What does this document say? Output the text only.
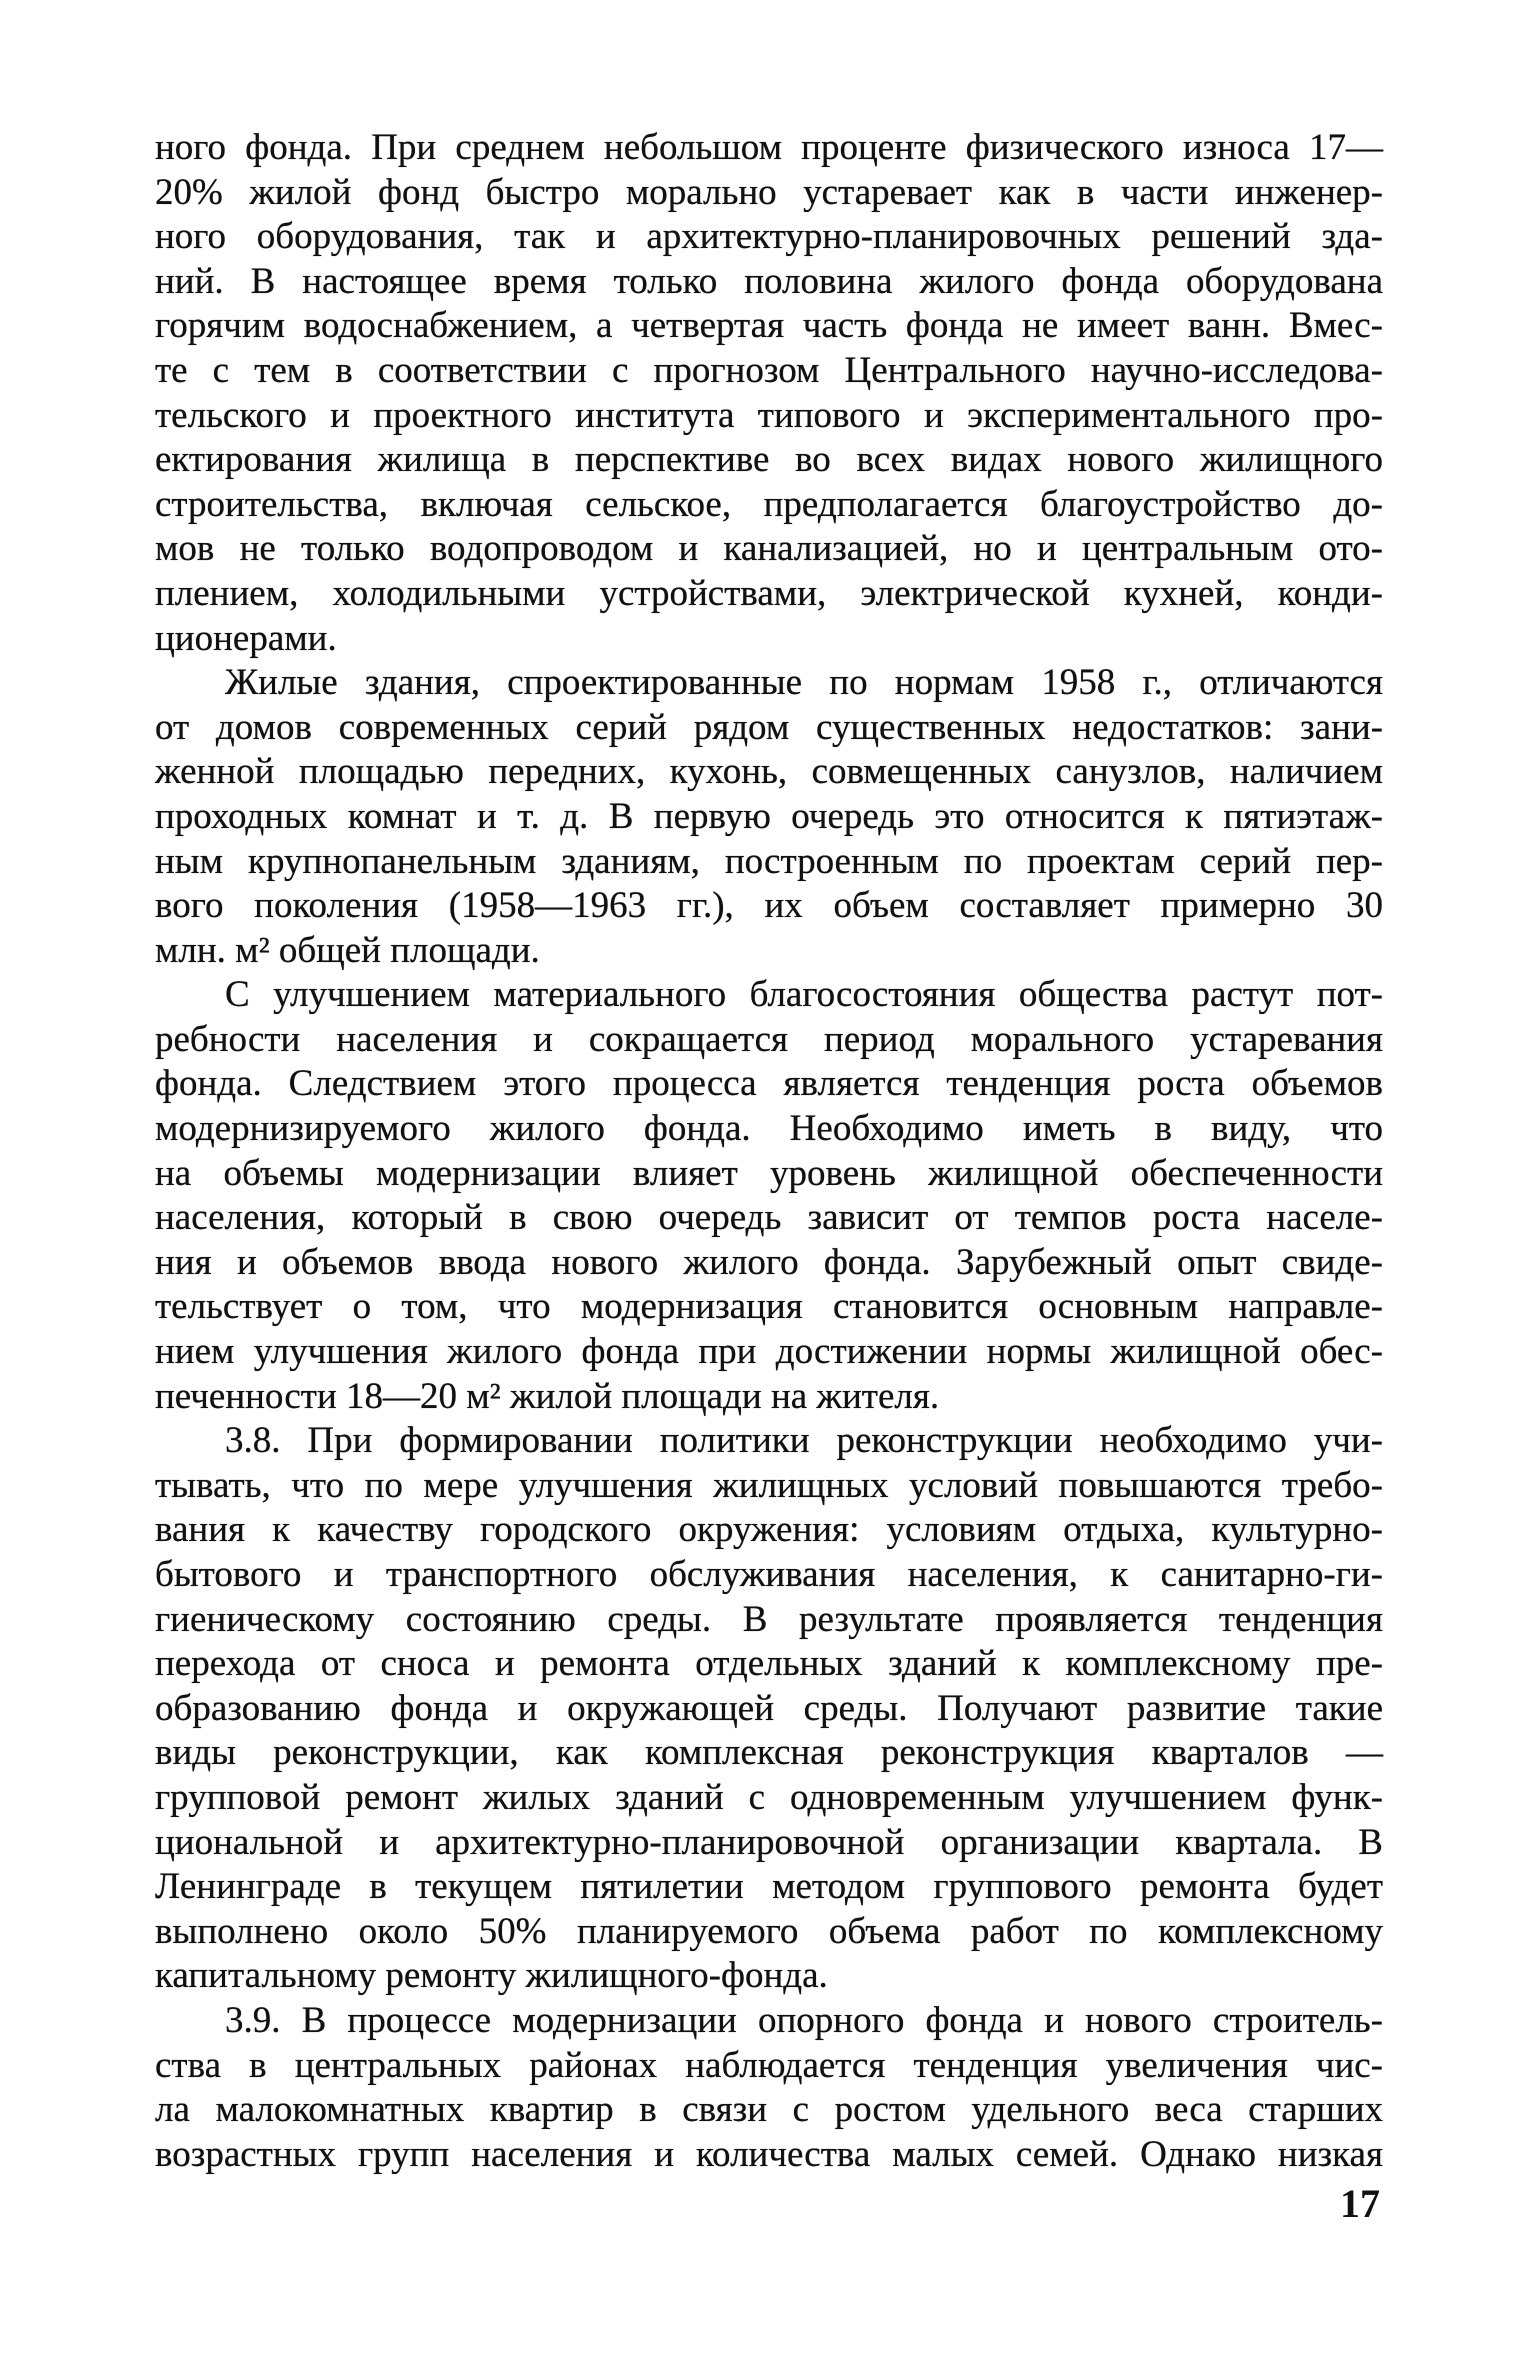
ного фонда. При среднем небольшом проценте физического износа 17—
20% жилой фонд быстро морально устаревает как в части инженер-
ного оборудования, так и архитектурно-планировочных решений зда-
ний. В настоящее время только половина жилого фонда оборудована
горячим водоснабжением, а четвертая часть фонда не имеет ванн. Вмес-
те с тем в соответствии с прогнозом Центрального научно-исследова-
тельского и проектного института типового и экспериментального про-
ектирования жилища в перспективе во всех видах нового жилищного
строительства, включая сельское, предполагается благоустройство до-
мов не только водопроводом и канализацией, но и центральным ото-
плением, холодильными устройствами, электрической кухней, конди-
ционерами.
Жилые здания, спроектированные по нормам 1958 г., отличаются
от домов современных серий рядом существенных недостатков: зани-
женной площадью передних, кухонь, совмещенных санузлов, наличием
проходных комнат и т. д. В первую очередь это относится к пятиэтаж-
ным крупнопанельным зданиям, построенным по проектам серий пер-
вого поколения (1958—1963 гг.), их объем составляет примерно 30
млн. м² общей площади.
С улучшением материального благосостояния общества растут пот-
ребности населения и сокращается период морального устаревания
фонда. Следствием этого процесса является тенденция роста объемов
модернизируемого жилого фонда. Необходимо иметь в виду, что
на объемы модернизации влияет уровень жилищной обеспеченности
населения, который в свою очередь зависит от темпов роста населе-
ния и объемов ввода нового жилого фонда. Зарубежный опыт свиде-
тельствует о том, что модернизация становится основным направле-
нием улучшения жилого фонда при достижении нормы жилищной обес-
печенности 18—20 м² жилой площади на жителя.
3.8. При формировании политики реконструкции необходимо учи-
тывать, что по мере улучшения жилищных условий повышаются требо-
вания к качеству городского окружения: условиям отдыха, культурно-
бытового и транспортного обслуживания населения, к санитарно-ги-
гиеническому состоянию среды. В результате проявляется тенденция
перехода от сноса и ремонта отдельных зданий к комплексному пре-
образованию фонда и окружающей среды. Получают развитие такие
виды реконструкции, как комплексная реконструкция кварталов —
групповой ремонт жилых зданий с одновременным улучшением функ-
циональной и архитектурно-планировочной организации квартала. В
Ленинграде в текущем пятилетии методом группового ремонта будет
выполнено около 50% планируемого объема работ по комплексному
капитальному ремонту жилищного-фонда.
3.9. В процессе модернизации опорного фонда и нового строитель-
ства в центральных районах наблюдается тенденция увеличения чис-
ла малокомнатных квартир в связи с ростом удельного веса старших
возрастных групп населения и количества малых семей. Однако низкая
17
